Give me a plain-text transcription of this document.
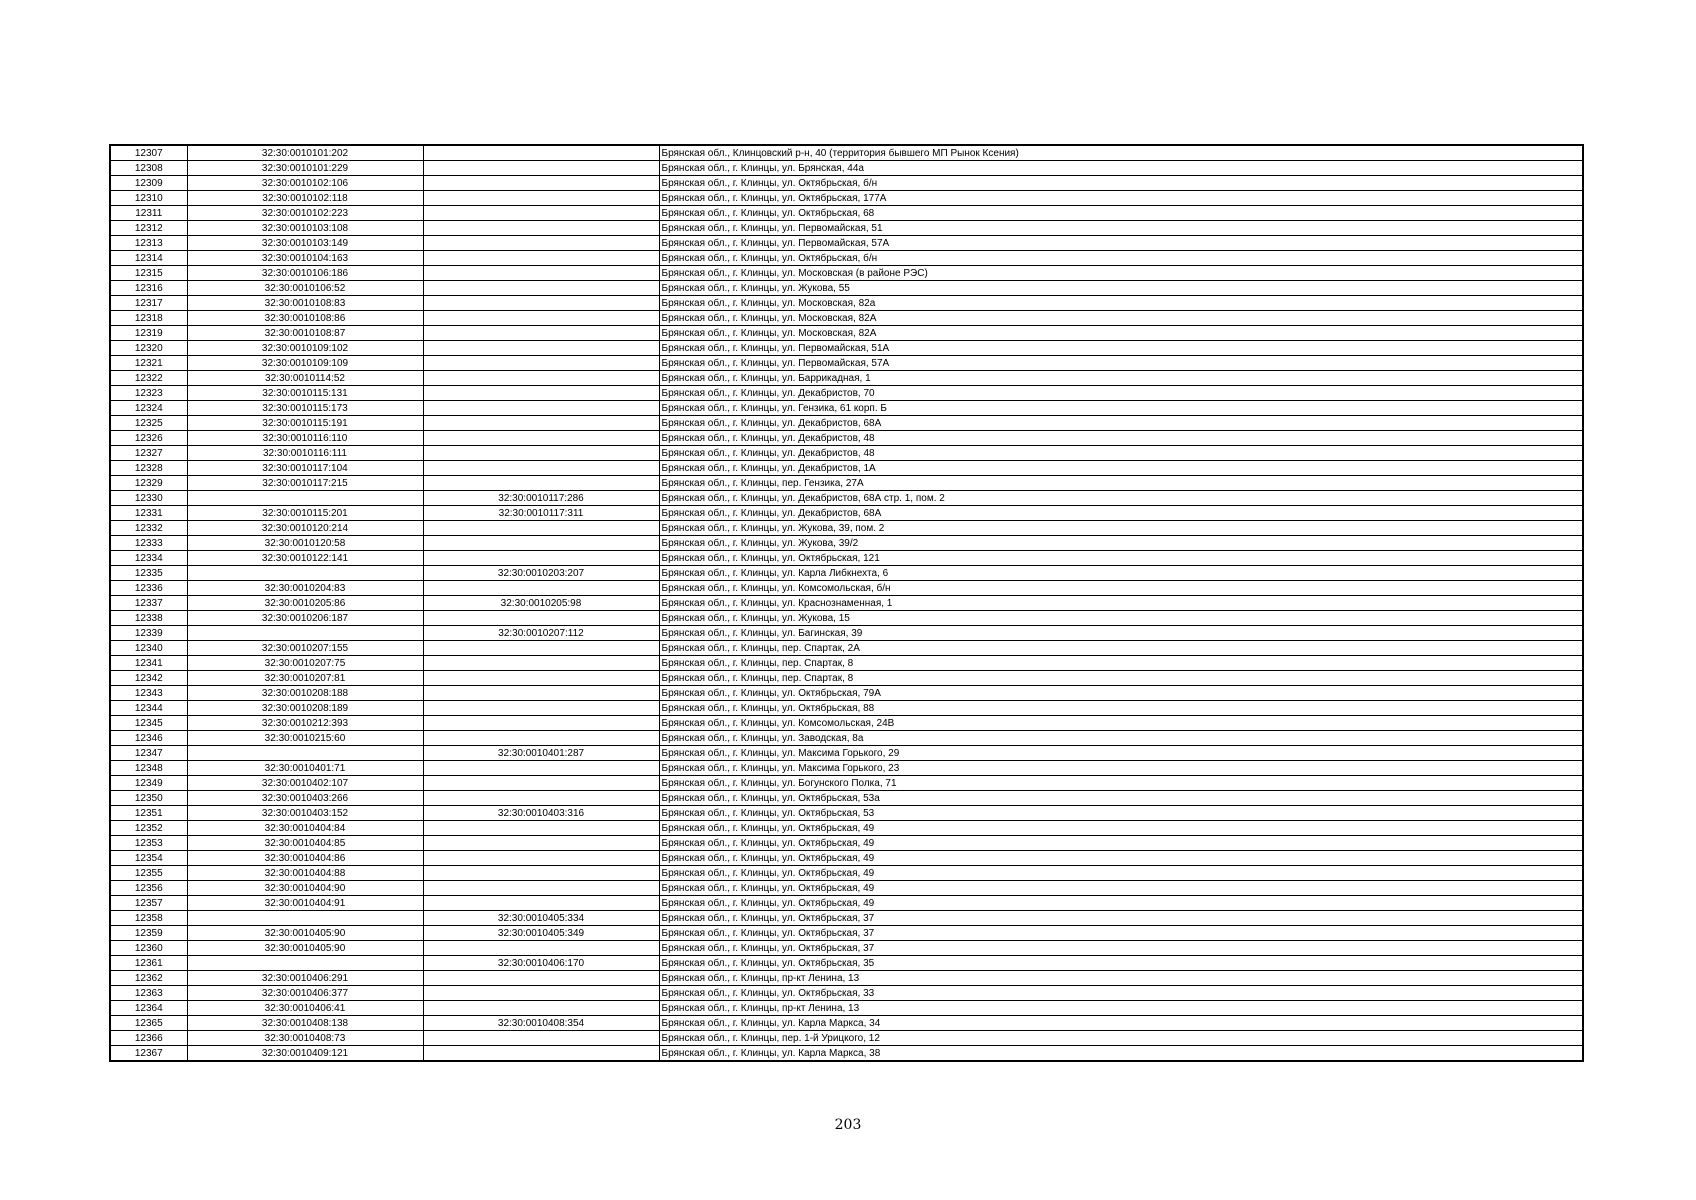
12307	32:30:0010101:202		Брянская обл., Клинцовский р-н, 40 (территория бывшего МП Рынок Ксения)
12308	32:30:0010101:229		Брянская обл., г. Клинцы, ул. Брянская, 44а
12309	32:30:0010102:106		Брянская обл., г. Клинцы, ул. Октябрьская, б/н
12310	32:30:0010102:118		Брянская обл., г. Клинцы, ул. Октябрьская, 177А
12311	32:30:0010102:223		Брянская обл., г. Клинцы, ул. Октябрьская, 68
12312	32:30:0010103:108		Брянская обл., г. Клинцы, ул. Первомайская, 51
12313	32:30:0010103:149		Брянская обл., г. Клинцы, ул. Первомайская, 57А
12314	32:30:0010104:163		Брянская обл., г. Клинцы, ул. Октябрьская, б/н
12315	32:30:0010106:186		Брянская обл., г. Клинцы, ул. Московская (в районе РЭС)
12316	32:30:0010106:52		Брянская обл., г. Клинцы, ул. Жукова, 55
12317	32:30:0010108:83		Брянская обл., г. Клинцы, ул. Московская, 82а
12318	32:30:0010108:86		Брянская обл., г. Клинцы, ул. Московская, 82А
12319	32:30:0010108:87		Брянская обл., г. Клинцы, ул. Московская, 82А
12320	32:30:0010109:102		Брянская обл., г. Клинцы, ул. Первомайская, 51А
12321	32:30:0010109:109		Брянская обл., г. Клинцы, ул. Первомайская, 57А
12322	32:30:0010114:52		Брянская обл., г. Клинцы, ул. Баррикадная, 1
12323	32:30:0010115:131		Брянская обл., г. Клинцы, ул. Декабристов, 70
12324	32:30:0010115:173		Брянская обл., г. Клинцы, ул. Гензика, 61 корп. Б
12325	32:30:0010115:191		Брянская обл., г. Клинцы, ул. Декабристов, 68А
12326	32:30:0010116:110		Брянская обл., г. Клинцы, ул. Декабристов, 48
12327	32:30:0010116:111		Брянская обл., г. Клинцы, ул. Декабристов, 48
12328	32:30:0010117:104		Брянская обл., г. Клинцы, ул. Декабристов, 1А
12329	32:30:0010117:215		Брянская обл., г. Клинцы, пер. Гензика, 27А
12330		32:30:0010117:286	Брянская обл., г. Клинцы, ул. Декабристов, 68А стр. 1, пом. 2
12331	32:30:0010115:201	32:30:0010117:311	Брянская обл., г. Клинцы, ул. Декабристов, 68А
12332	32:30:0010120:214		Брянская обл., г. Клинцы, ул. Жукова, 39, пом. 2
12333	32:30:0010120:58		Брянская обл., г. Клинцы, ул. Жукова, 39/2
12334	32:30:0010122:141		Брянская обл., г. Клинцы, ул. Октябрьская, 121
12335		32:30:0010203:207	Брянская обл., г. Клинцы, ул. Карла Либкнехта, 6
12336	32:30:0010204:83		Брянская обл., г. Клинцы, ул. Комсомольская, б/н
12337	32:30:0010205:86	32:30:0010205:98	Брянская обл., г. Клинцы, ул. Краснознаменная, 1
12338	32:30:0010206:187		Брянская обл., г. Клинцы, ул. Жукова, 15
12339		32:30:0010207:112	Брянская обл., г. Клинцы, ул. Багинская, 39
12340	32:30:0010207:155		Брянская обл., г. Клинцы, пер. Спартак, 2А
12341	32:30:0010207:75		Брянская обл., г. Клинцы, пер. Спартак, 8
12342	32:30:0010207:81		Брянская обл., г. Клинцы, пер. Спартак, 8
12343	32:30:0010208:188		Брянская обл., г. Клинцы, ул. Октябрьская, 79А
12344	32:30:0010208:189		Брянская обл., г. Клинцы, ул. Октябрьская, 88
12345	32:30:0010212:393		Брянская обл., г. Клинцы, ул. Комсомольская, 24В
12346	32:30:0010215:60		Брянская обл., г. Клинцы, ул. Заводская, 8а
12347		32:30:0010401:287	Брянская обл., г. Клинцы, ул. Максима Горького, 29
12348	32:30:0010401:71		Брянская обл., г. Клинцы, ул. Максима Горького, 23
12349	32:30:0010402:107		Брянская обл., г. Клинцы, ул. Богунского Полка, 71
12350	32:30:0010403:266		Брянская обл., г. Клинцы, ул. Октябрьская, 53а
12351	32:30:0010403:152	32:30:0010403:316	Брянская обл., г. Клинцы, ул. Октябрьская, 53
12352	32:30:0010404:84		Брянская обл., г. Клинцы, ул. Октябрьская, 49
12353	32:30:0010404:85		Брянская обл., г. Клинцы, ул. Октябрьская, 49
12354	32:30:0010404:86		Брянская обл., г. Клинцы, ул. Октябрьская, 49
12355	32:30:0010404:88		Брянская обл., г. Клинцы, ул. Октябрьская, 49
12356	32:30:0010404:90		Брянская обл., г. Клинцы, ул. Октябрьская, 49
12357	32:30:0010404:91		Брянская обл., г. Клинцы, ул. Октябрьская, 49
12358		32:30:0010405:334	Брянская обл., г. Клинцы, ул. Октябрьская, 37
12359	32:30:0010405:90	32:30:0010405:349	Брянская обл., г. Клинцы, ул. Октябрьская, 37
12360	32:30:0010405:90		Брянская обл., г. Клинцы, ул. Октябрьская, 37
12361		32:30:0010406:170	Брянская обл., г. Клинцы, ул. Октябрьская, 35
12362	32:30:0010406:291		Брянская обл., г. Клинцы, пр-кт Ленина, 13
12363	32:30:0010406:377		Брянская обл., г. Клинцы, ул. Октябрьская, 33
12364	32:30:0010406:41		Брянская обл., г. Клинцы, пр-кт Ленина, 13
12365	32:30:0010408:138	32:30:0010408:354	Брянская обл., г. Клинцы, ул. Карла Маркса, 34
12366	32:30:0010408:73		Брянская обл., г. Клинцы, пер. 1-й Урицкого, 12
12367	32:30:0010409:121		Брянская обл., г. Клинцы, ул. Карла Маркса, 38
203
